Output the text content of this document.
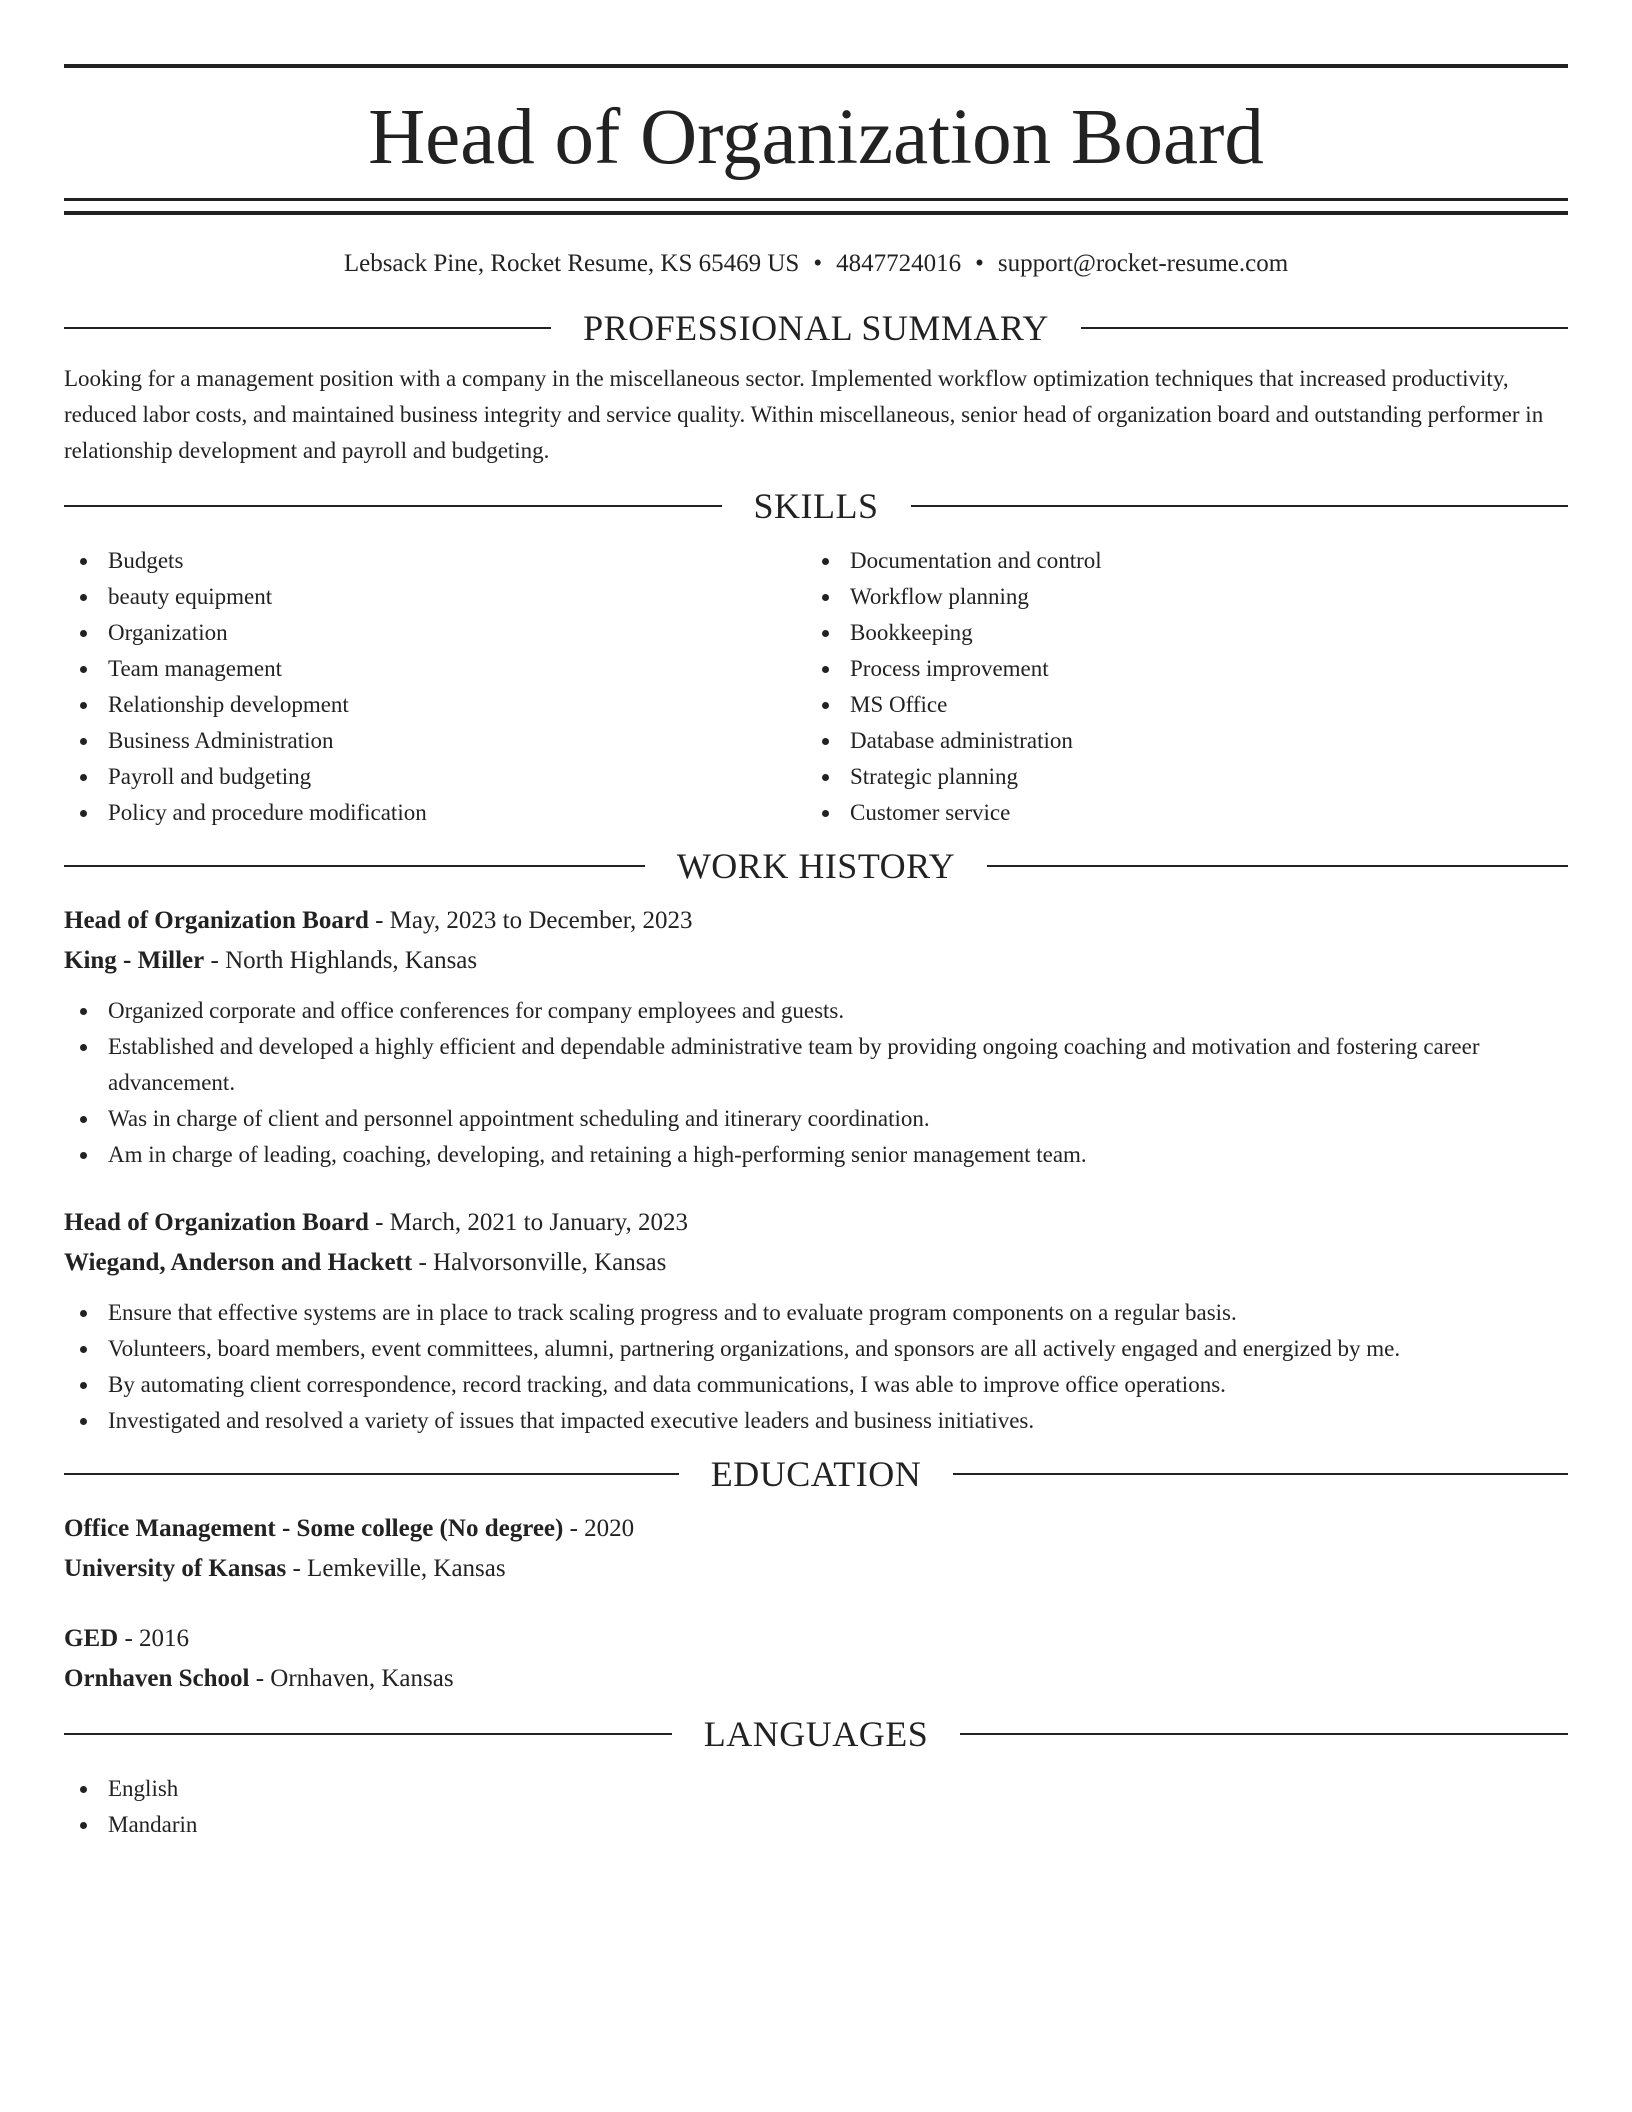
Head of Organization Board
Lebsack Pine, Rocket Resume, KS 65469 US • 4847724016 • support@rocket-resume.com
PROFESSIONAL SUMMARY
Looking for a management position with a company in the miscellaneous sector. Implemented workflow optimization techniques that increased productivity, reduced labor costs, and maintained business integrity and service quality. Within miscellaneous, senior head of organization board and outstanding performer in relationship development and payroll and budgeting.
SKILLS
Budgets
beauty equipment
Organization
Team management
Relationship development
Business Administration
Payroll and budgeting
Policy and procedure modification
Documentation and control
Workflow planning
Bookkeeping
Process improvement
MS Office
Database administration
Strategic planning
Customer service
WORK HISTORY
Head of Organization Board - May, 2023 to December, 2023
King - Miller - North Highlands, Kansas
Organized corporate and office conferences for company employees and guests.
Established and developed a highly efficient and dependable administrative team by providing ongoing coaching and motivation and fostering career advancement.
Was in charge of client and personnel appointment scheduling and itinerary coordination.
Am in charge of leading, coaching, developing, and retaining a high-performing senior management team.
Head of Organization Board - March, 2021 to January, 2023
Wiegand, Anderson and Hackett - Halvorsonville, Kansas
Ensure that effective systems are in place to track scaling progress and to evaluate program components on a regular basis.
Volunteers, board members, event committees, alumni, partnering organizations, and sponsors are all actively engaged and energized by me.
By automating client correspondence, record tracking, and data communications, I was able to improve office operations.
Investigated and resolved a variety of issues that impacted executive leaders and business initiatives.
EDUCATION
Office Management - Some college (No degree) - 2020
University of Kansas - Lemkeville, Kansas
GED - 2016
Ornhaven School - Ornhaven, Kansas
LANGUAGES
English
Mandarin
